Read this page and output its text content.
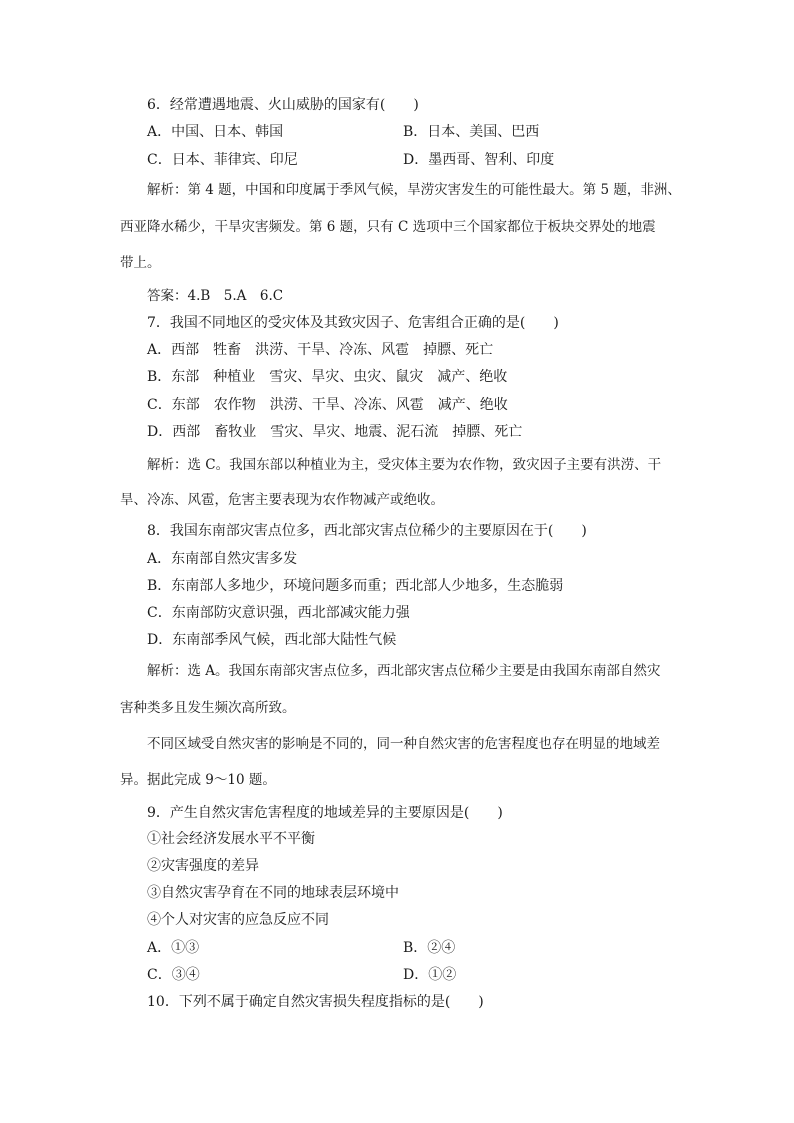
6．经常遭遇地震、火山威胁的国家有(　　)
A．中国、日本、韩国	B．日本、美国、巴西
C．日本、菲律宾、印尼	D．墨西哥、智利、印度
解析：第 4 题，中国和印度属于季风气候，旱涝灾害发生的可能性最大。第 5 题，非洲、
西亚降水稀少，干旱灾害频发。第 6 题，只有 C 选项中三个国家都位于板块交界处的地震
带上。
答案：4.B　5.A　6.C
7．我国不同地区的受灾体及其致灾因子、危害组合正确的是(　　)
A．西部　牲畜　洪涝、干旱、冷冻、风雹　掉膘、死亡
B．东部　种植业　雪灾、旱灾、虫灾、鼠灾　减产、绝收
C．东部　农作物　洪涝、干旱、冷冻、风雹　减产、绝收
D．西部　畜牧业　雪灾、旱灾、地震、泥石流　掉膘、死亡
解析：选 C。我国东部以种植业为主，受灾体主要为农作物，致灾因子主要有洪涝、干
旱、冷冻、风雹，危害主要表现为农作物减产或绝收。
8．我国东南部灾害点位多，西北部灾害点位稀少的主要原因在于(　　)
A．东南部自然灾害多发
B．东南部人多地少，环境问题多而重；西北部人少地多，生态脆弱
C．东南部防灾意识强，西北部减灾能力强
D．东南部季风气候，西北部大陆性气候
解析：选 A。我国东南部灾害点位多，西北部灾害点位稀少主要是由我国东南部自然灾
害种类多且发生频次高所致。
不同区域受自然灾害的影响是不同的，同一种自然灾害的危害程度也存在明显的地域差
异。据此完成 9～10 题。
9．产生自然灾害危害程度的地域差异的主要原因是(　　)
①社会经济发展水平不平衡
②灾害强度的差异
③自然灾害孕育在不同的地球表层环境中
④个人对灾害的应急反应不同
A．①③	B．②④
C．③④	D．①②
10．下列不属于确定自然灾害损失程度指标的是(　　)
